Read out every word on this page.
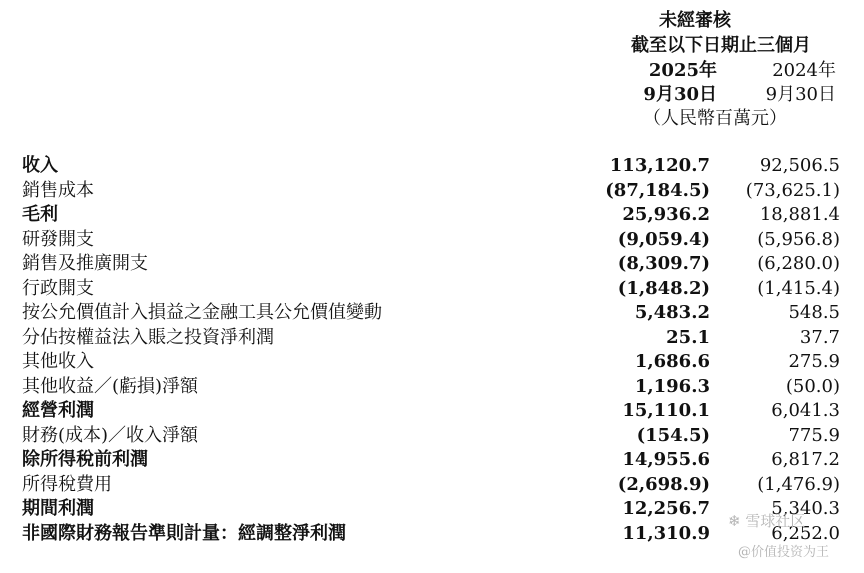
未經審核
截至以下日期止三個月
2025年	2024年
9月30日	9月30日
（人民幣百萬元）
收入	113,120.7	92,506.5
銷售成本	(87,184.5)	(73,625.1)
毛利	25,936.2	18,881.4
研發開支	(9,059.4)	(5,956.8)
銷售及推廣開支	(8,309.7)	(6,280.0)
行政開支	(1,848.2)	(1,415.4)
按公允價值計入損益之金融工具公允價值變動	5,483.2	548.5
分佔按權益法入賬之投資淨利潤	25.1	37.7
其他收入	1,686.6	275.9
其他收益／(虧損)淨額	1,196.3	(50.0)
經營利潤	15,110.1	6,041.3
財務(成本)／收入淨額	(154.5)	775.9
除所得稅前利潤	14,955.6	6,817.2
所得稅費用	(2,698.9)	(1,476.9)
期間利潤	12,256.7	5,340.3
非國際財務報告準則計量：經調整淨利潤	11,310.9	6,252.0
❄ 雪球社区
@价值投资为王
